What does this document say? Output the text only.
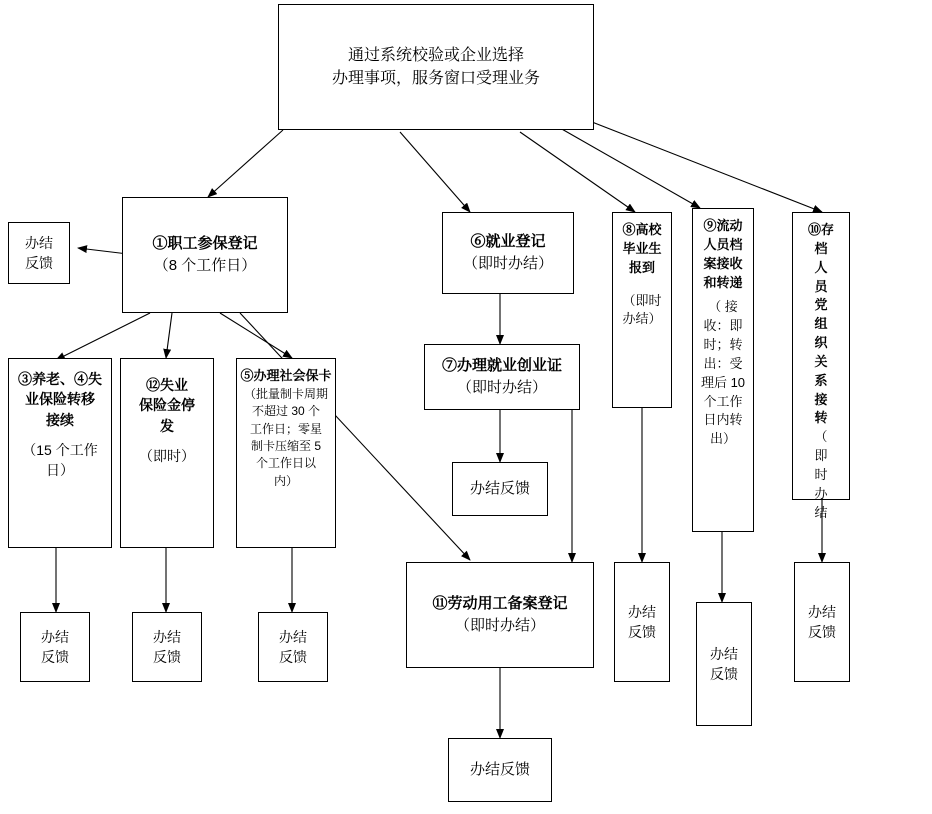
通过系统校验或企业选择
办理事项，服务窗口受理业务
①职工参保登记
（8 个工作日）
办结
反馈
⑥就业登记
（即时办结）
⑧高校
毕业生
报到
（即时
办结）
⑨流动
人员档
案接收
和转递
（ 接
收：即
时；转
出：受
理后 10
个工作
日内转
出）
⑩存
档
人
员
党
组
织
关
系
接
转
（
即
时
办
结
③养老、④失
业保险转移
接续
（15 个工作
日）
⑫失业
保险金停
发
（即时）
⑤办理社会保卡
（批量制卡周期
不超过 30 个
工作日；零星
制卡压缩至 5
个工作日以
内）
⑦办理就业创业证
（即时办结）
办结反馈
⑪劳动用工备案登记
（即时办结）
办结反馈
办结
反馈
办结
反馈
办结
反馈
办结
反馈
办结
反馈
办结
反馈
